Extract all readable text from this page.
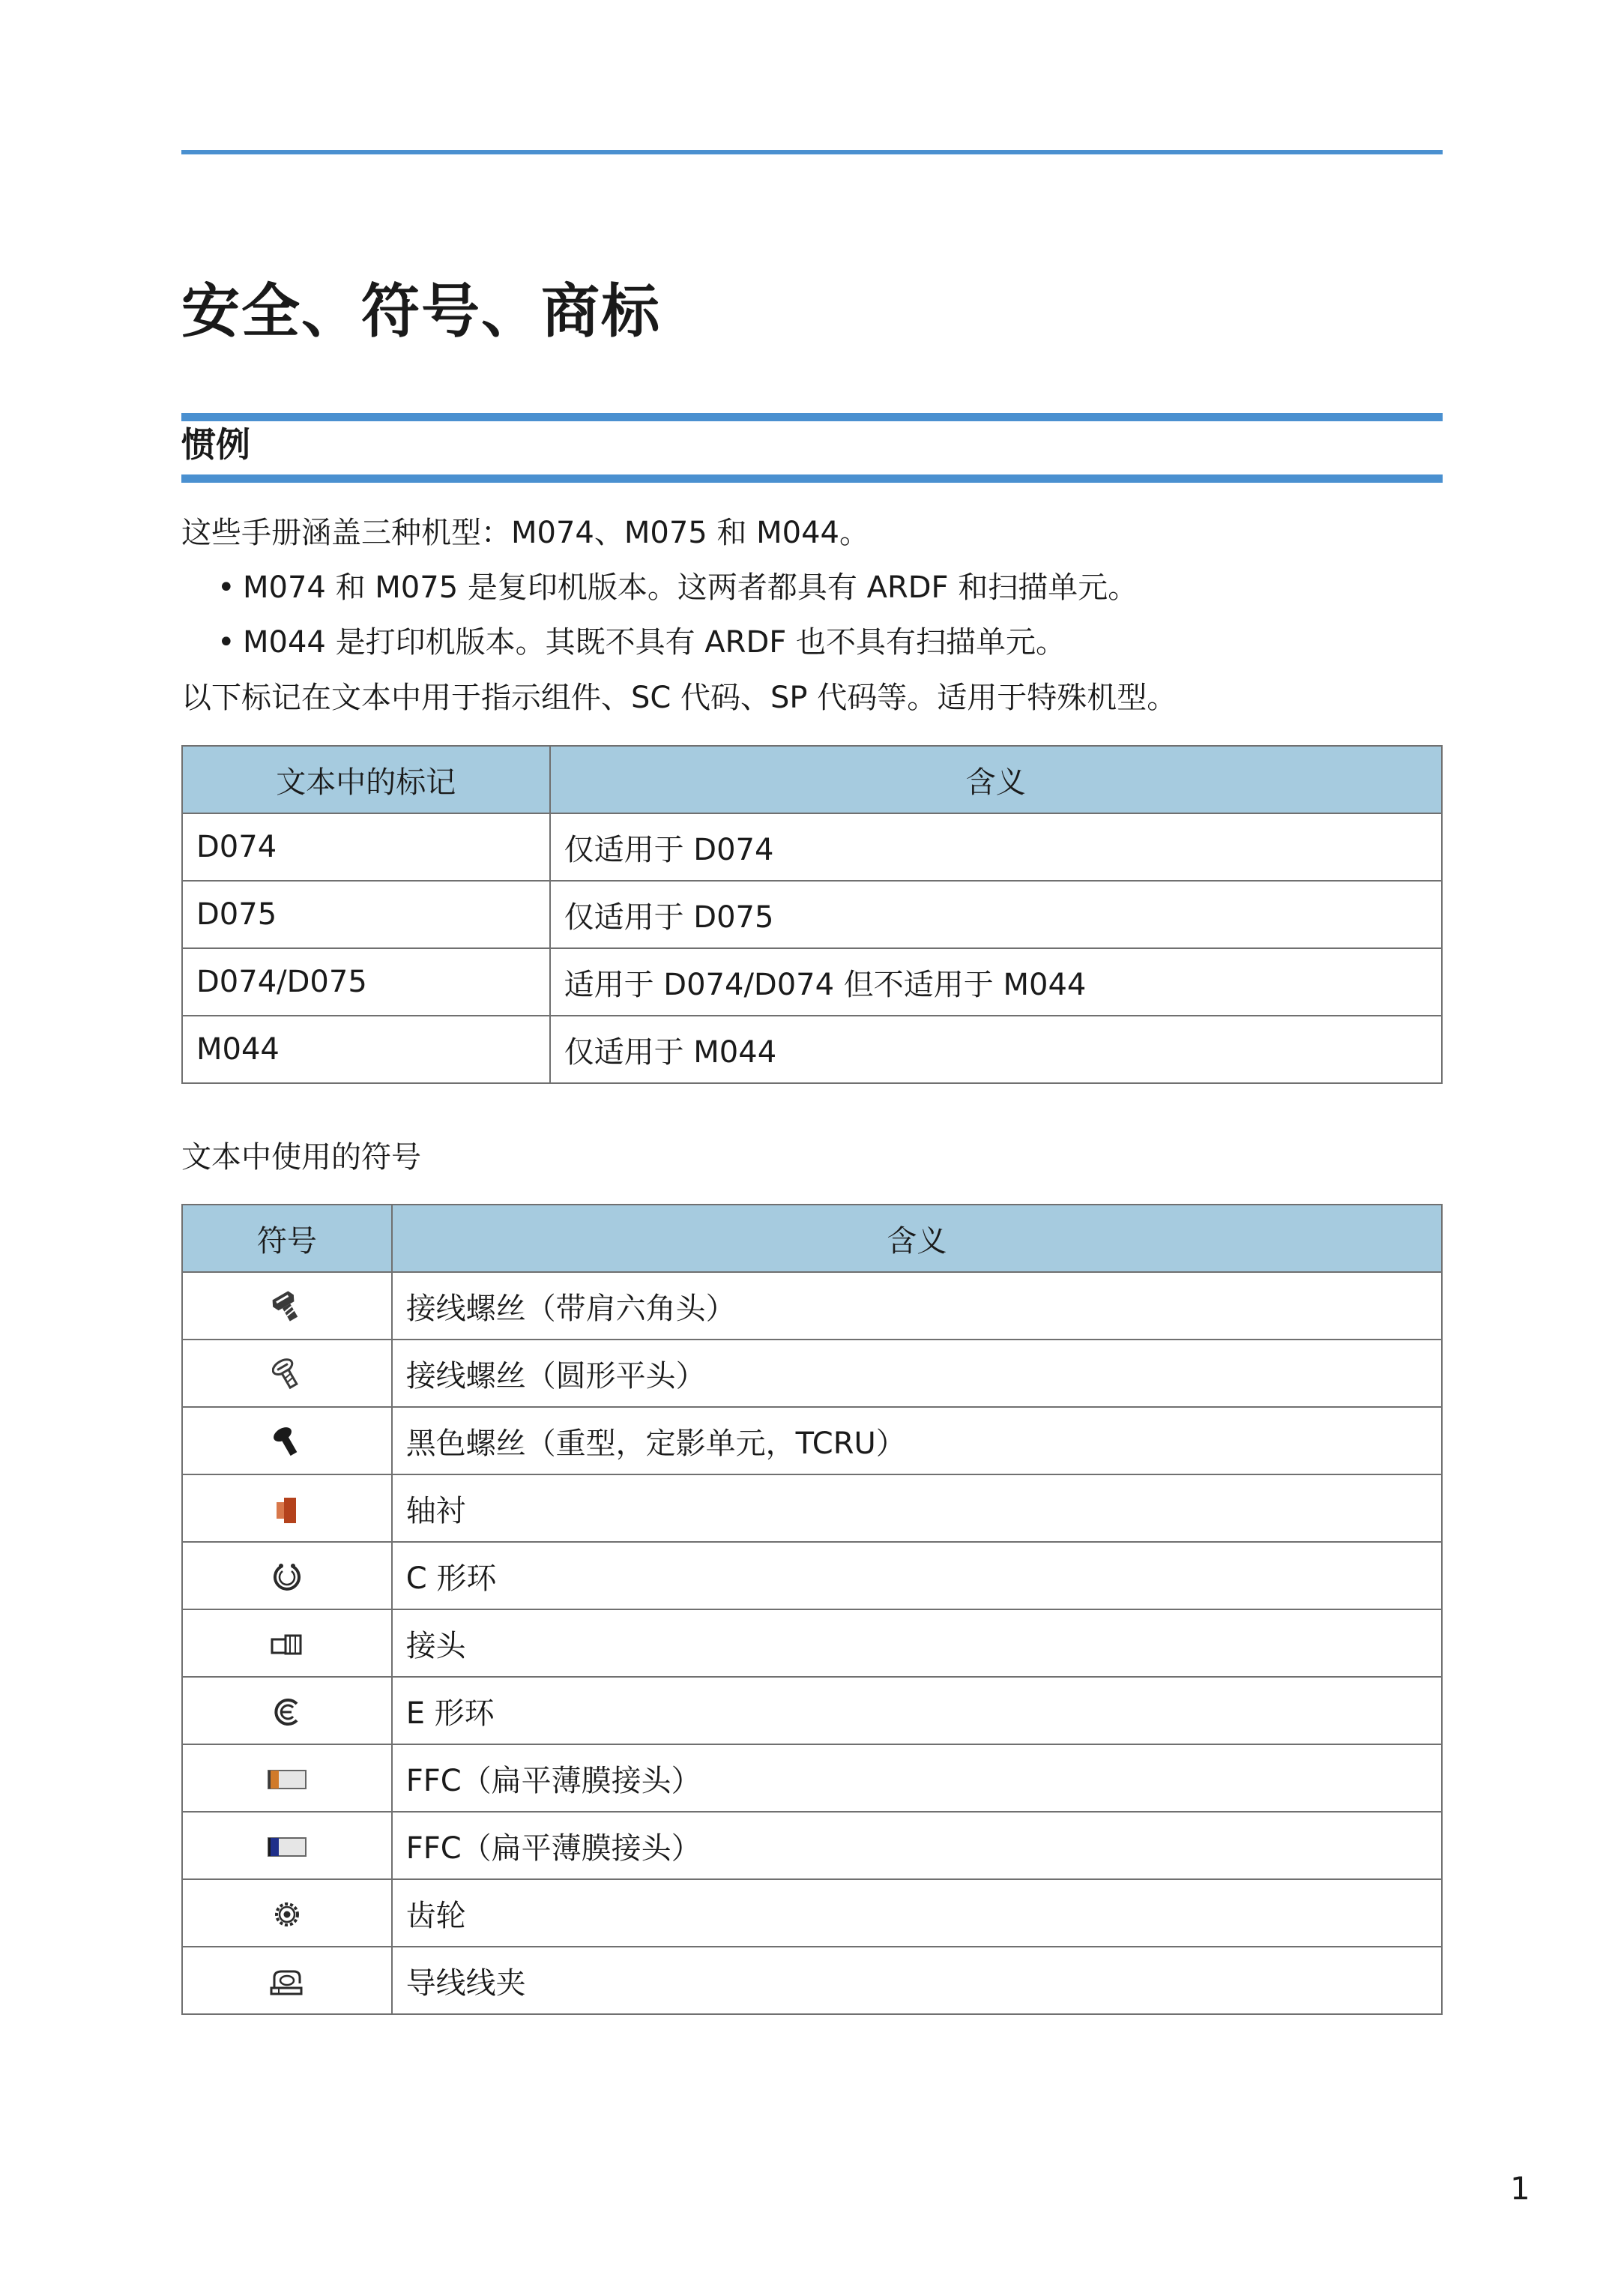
安全、符号、商标
惯例

这些手册涵盖三种机型：M074、M075 和 M044。

• M074 和 M075 是复印机版本。这两者都具有 ARDF 和扫描单元。
• M044 是打印机版本。其既不具有 ARDF 也不具有扫描单元。

以下标记在文本中用于指示组件、SC 代码、SP 代码等。适用于特殊机型。

文本中的标记	含义
D074	仅适用于 D074
D075	仅适用于 D075
D074/D075	适用于 D074/D074 但不适用于 M044
M044	仅适用于 M044

文本中使用的符号

符号	含义
	接线螺丝（带肩六角头）
	接线螺丝（圆形平头）
	黑色螺丝（重型，定影单元，TCRU）
	轴衬
	C 形环
	接头
	E 形环
	FFC（扁平薄膜接头）
	FFC（扁平薄膜接头）
	齿轮
	导线线夹
1
